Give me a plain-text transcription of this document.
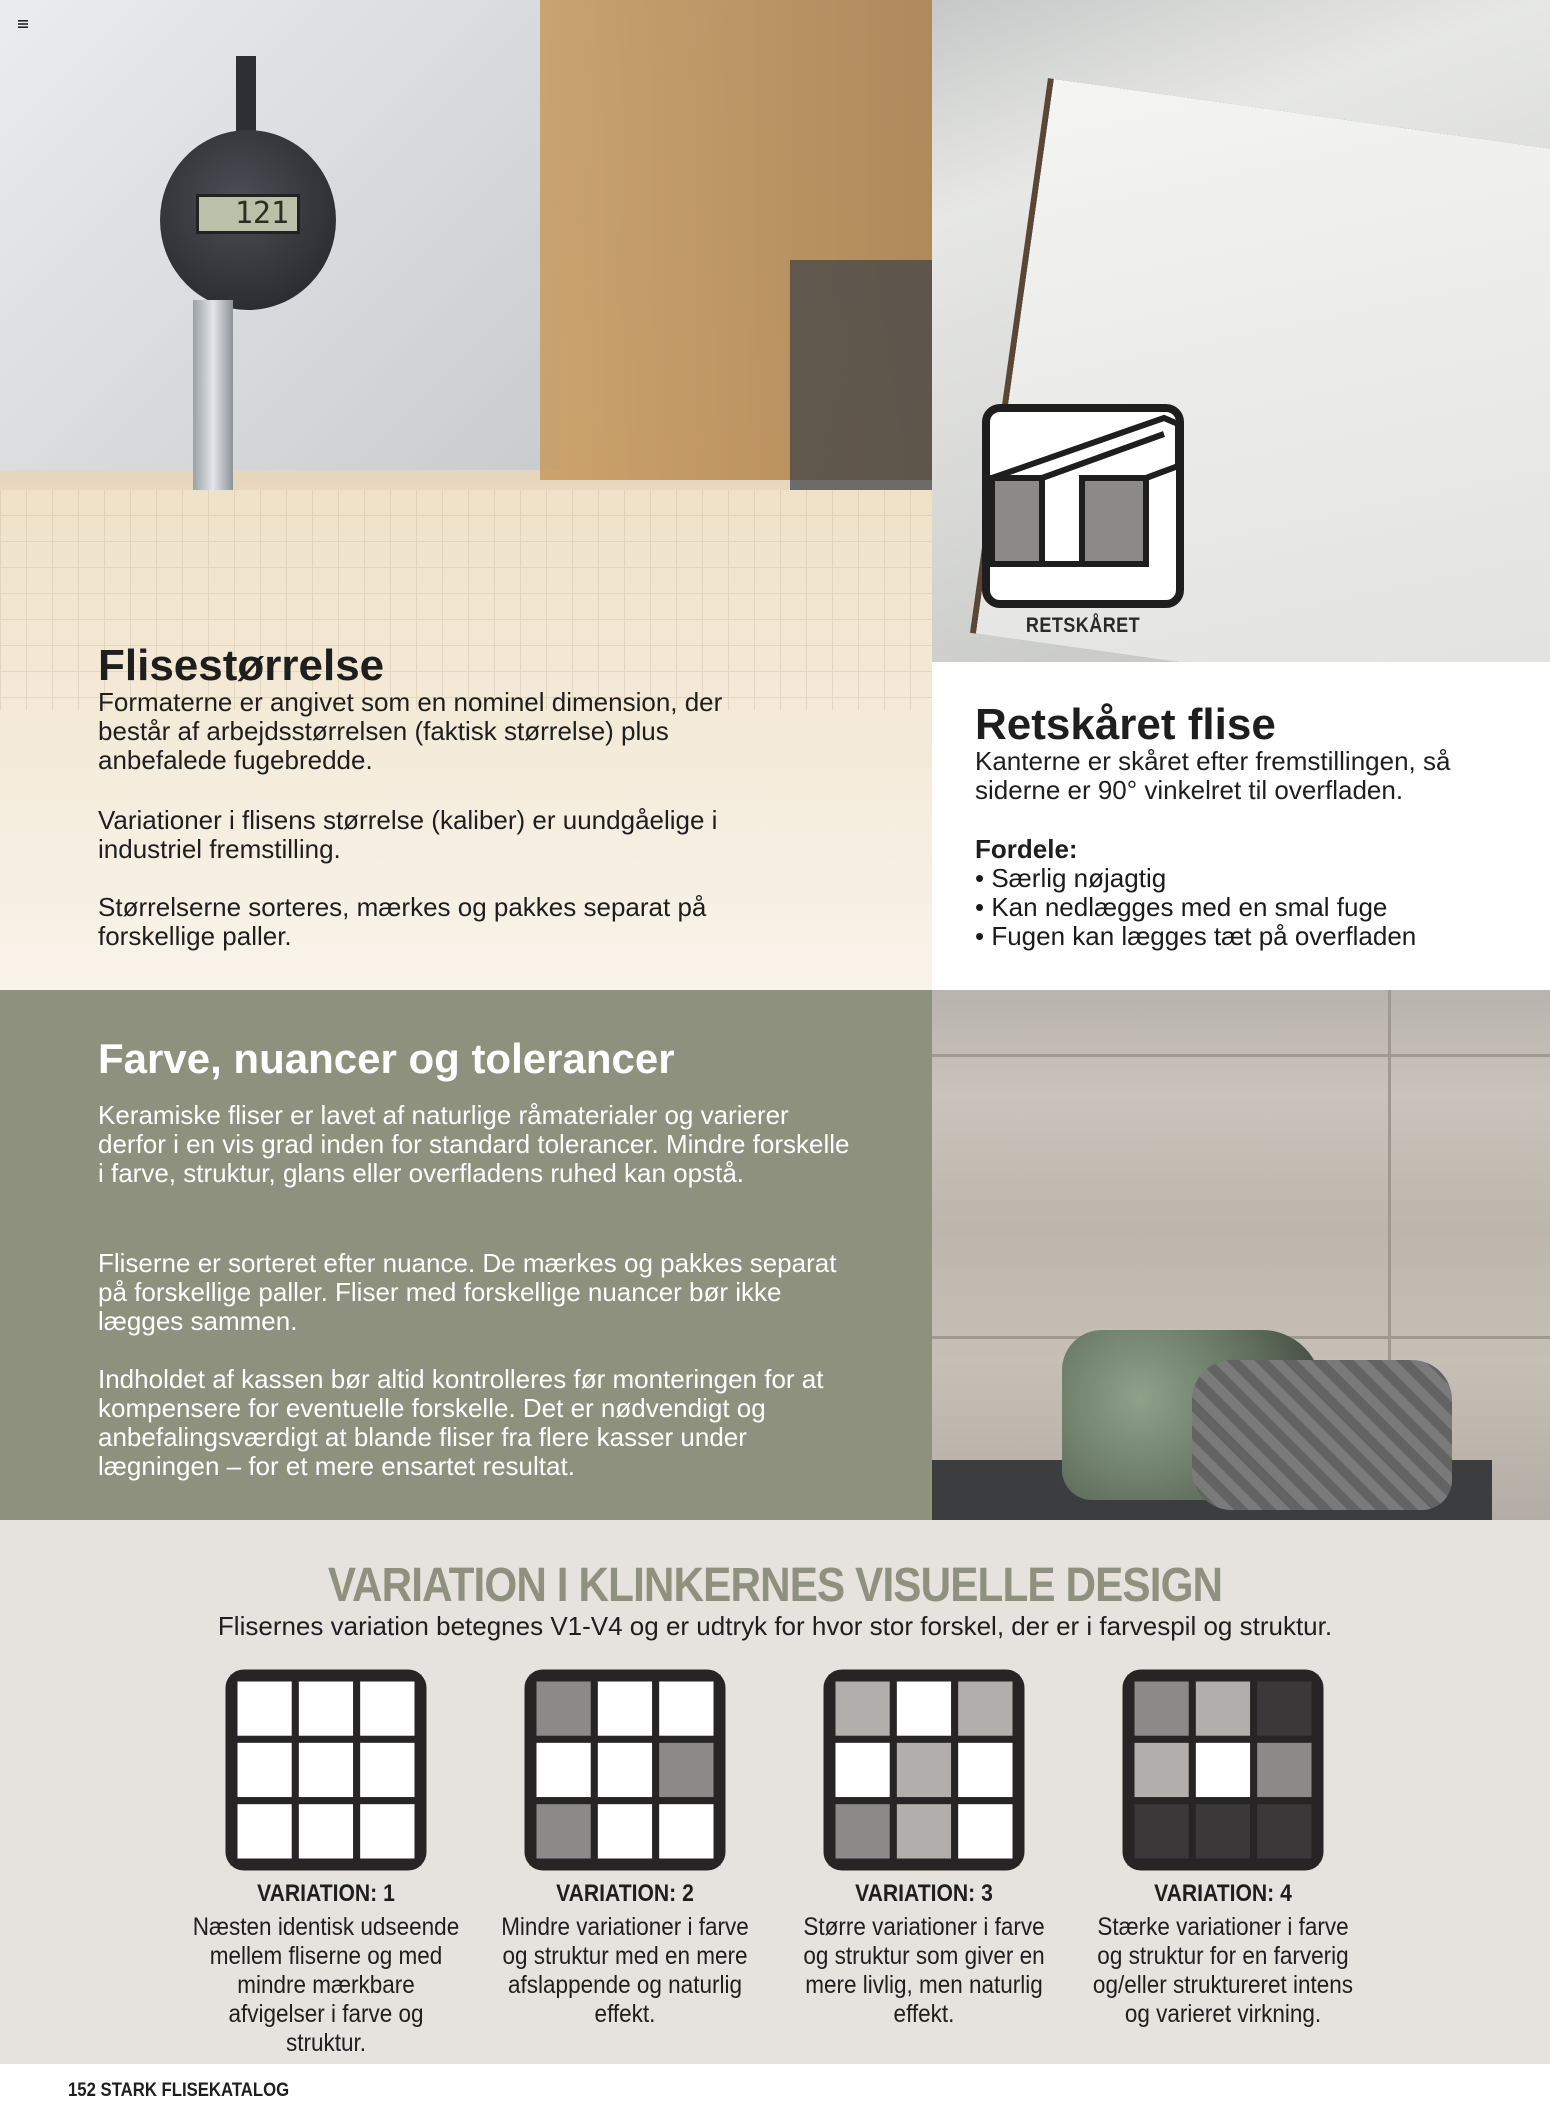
121
RETSKÅRET
Flisestørrelse
Formaterne er angivet som en nominel dimension, der består af arbejdsstørrelsen (faktisk størrelse) plus anbefalede fugebredde.
Variationer i flisens størrelse (kaliber) er uundgåelige i industriel fremstilling.
Størrelserne sorteres, mærkes og pakkes separat på forskellige paller.
Retskåret flise
Kanterne er skåret efter fremstillingen, så siderne er 90° vinkelret til overfladen.
Fordele:
• Særlig nøjagtig
• Kan nedlægges med en smal fuge
• Fugen kan lægges tæt på overfladen
Farve, nuancer og tolerancer
Keramiske fliser er lavet af naturlige råmaterialer og varierer derfor i en vis grad inden for standard tolerancer. Mindre forskelle i farve, struktur, glans eller overfladens ruhed kan opstå.
Fliserne er sorteret efter nuance. De mærkes og pakkes separat på forskellige paller. Fliser med forskellige nuancer bør ikke lægges sammen.
Indholdet af kassen bør altid kontrolleres før monteringen for at kompensere for eventuelle forskelle. Det er nødvendigt og anbefalingsværdigt at blande fliser fra flere kasser under lægningen – for et mere ensartet resultat.
VARIATION I KLINKERNES VISUELLE DESIGN
Flisernes variation betegnes V1-V4 og er udtryk for hvor stor forskel, der er i farvespil og struktur.
VARIATION: 1	VARIATION: 2	VARIATION: 3	VARIATION: 4
Næsten identisk udseende mellem fliserne og med mindre mærkbare afvigelser i farve og struktur.
Mindre variationer i farve og struktur med en mere afslappende og naturlig effekt.
Større variationer i farve og struktur som giver en mere livlig, men naturlig effekt.
Stærke variationer i farve og struktur for en farverig og/eller struktureret intens og varieret virkning.
152 STARK FLISEKATALOG
